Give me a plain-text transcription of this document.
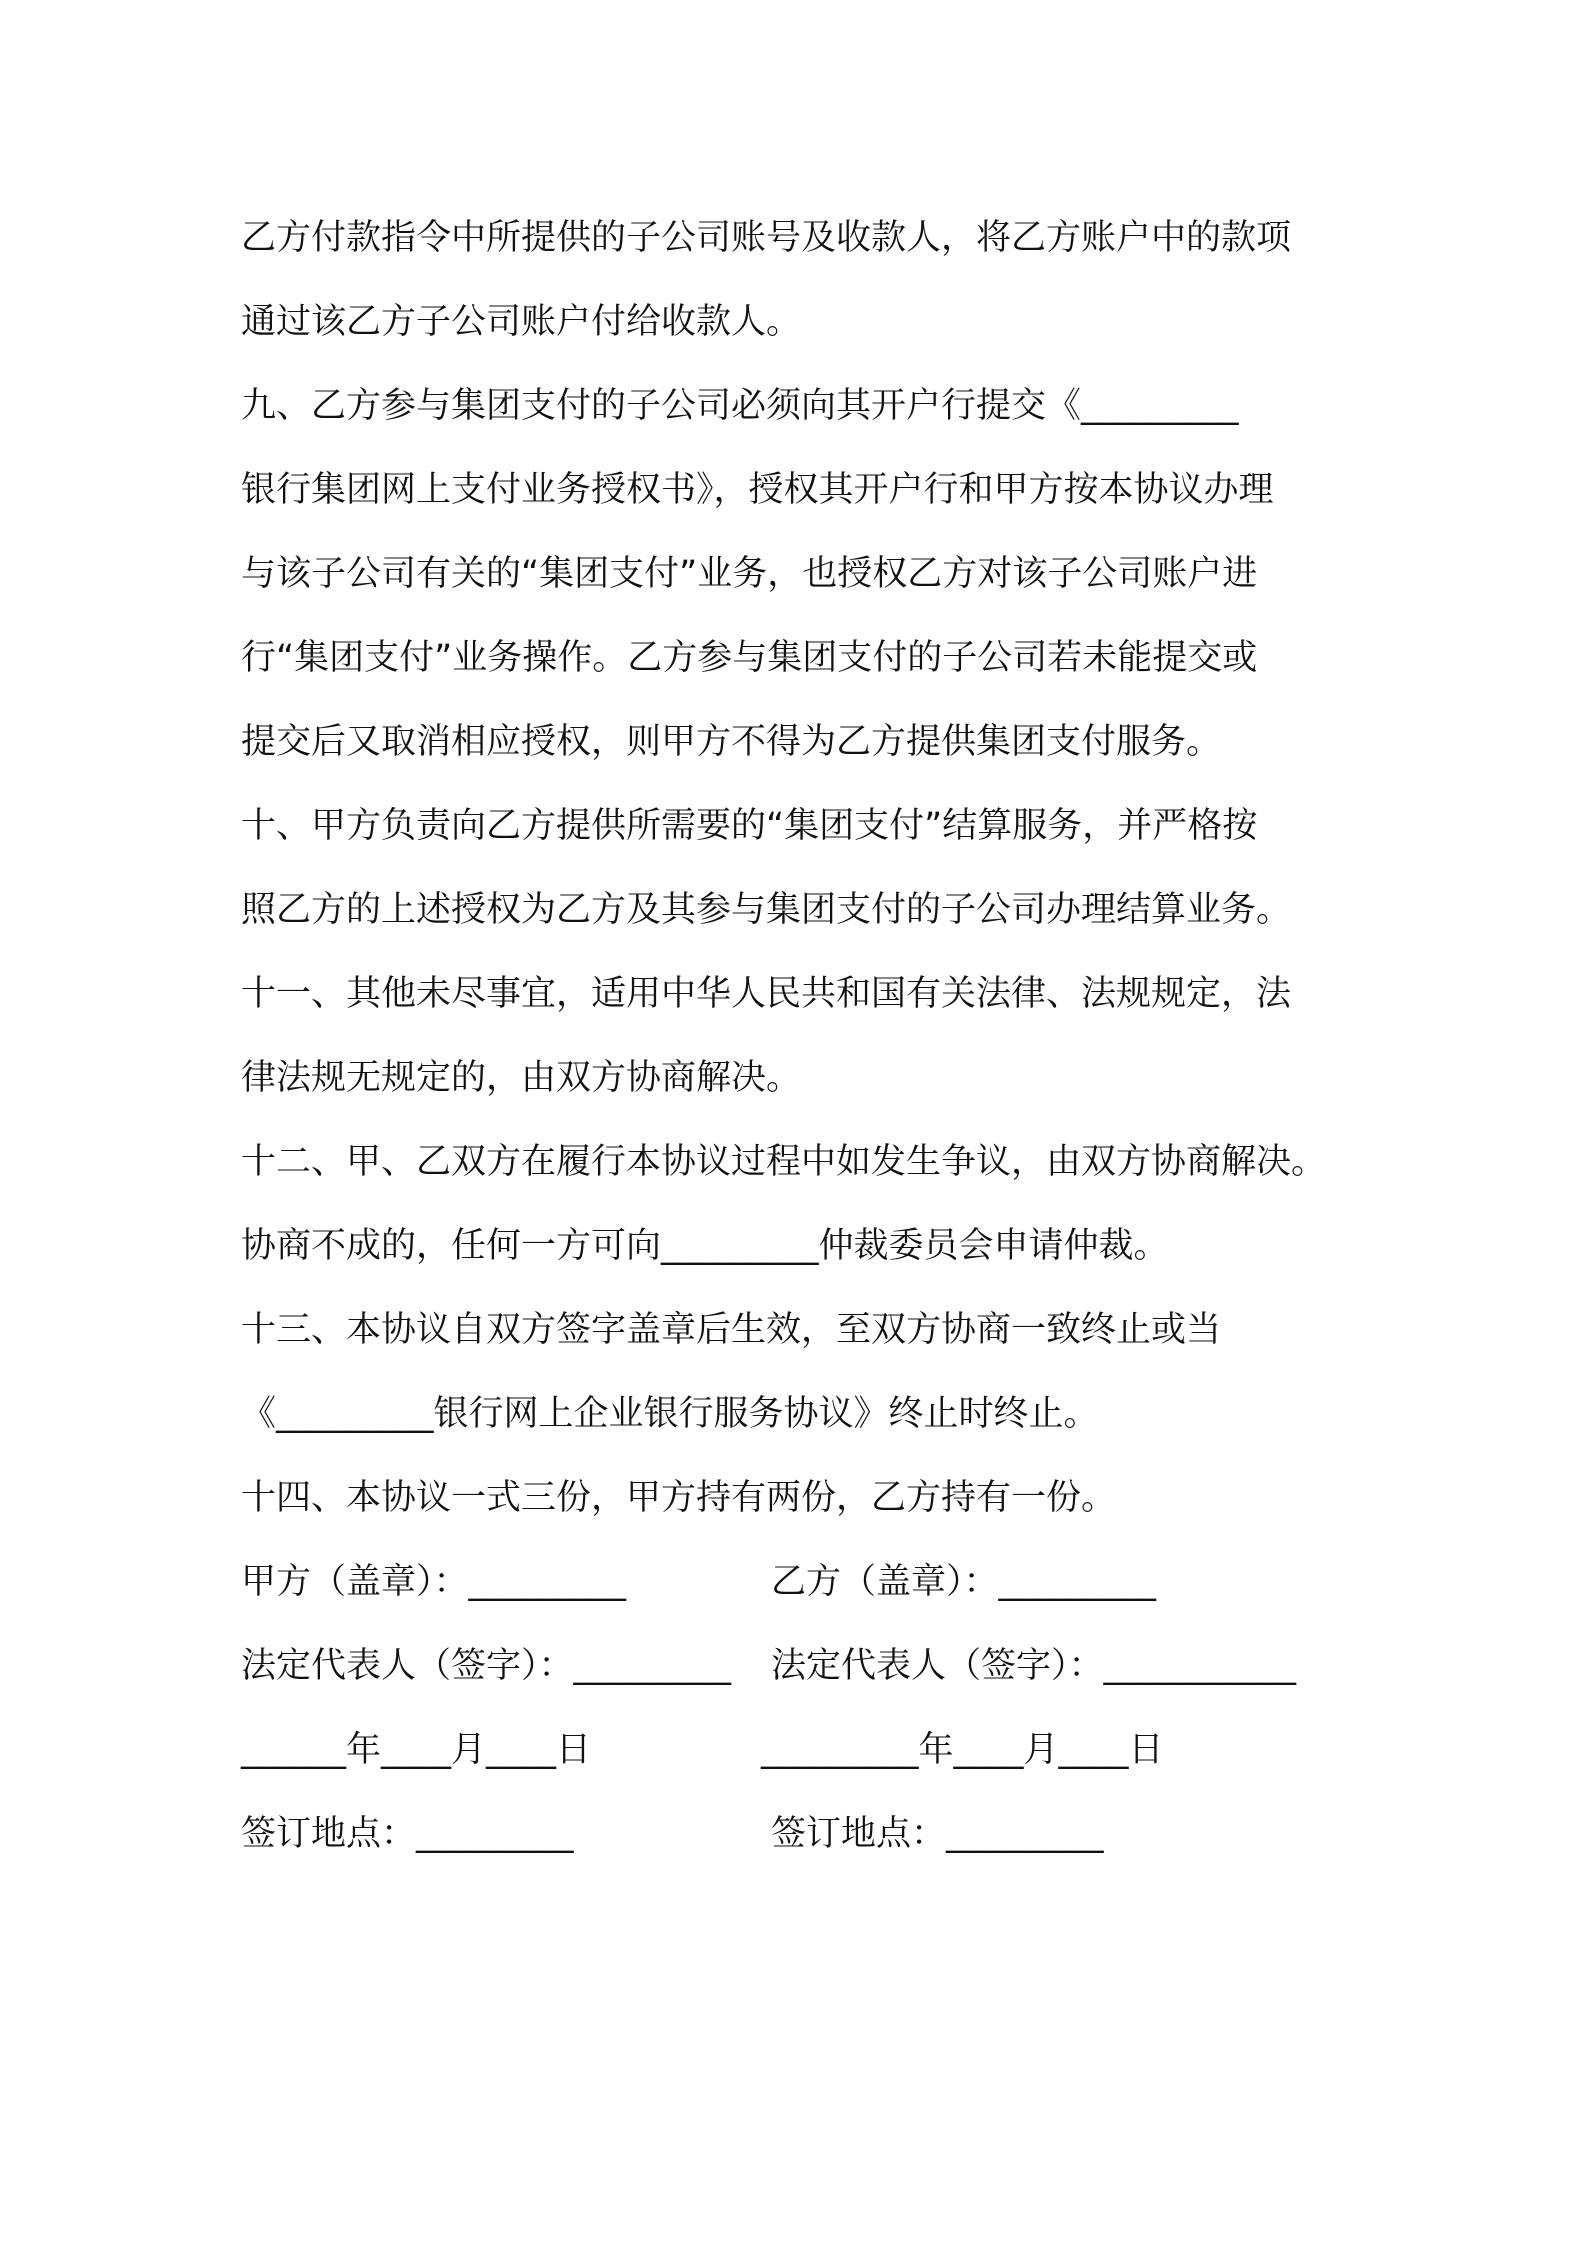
乙方付款指令中所提供的子公司账号及收款人，将乙方账户中的款项
通过该乙方子公司账户付给收款人。
九、乙方参与集团支付的子公司必须向其开户行提交《_________
银行集团网上支付业务授权书》，授权其开户行和甲方按本协议办理
与该子公司有关的“集团支付”业务，也授权乙方对该子公司账户进
行“集团支付”业务操作。乙方参与集团支付的子公司若未能提交或
提交后又取消相应授权，则甲方不得为乙方提供集团支付服务。
十、甲方负责向乙方提供所需要的“集团支付”结算服务，并严格按
照乙方的上述授权为乙方及其参与集团支付的子公司办理结算业务。
十一、其他未尽事宜，适用中华人民共和国有关法律、法规规定，法
律法规无规定的，由双方协商解决。
十二、甲、乙双方在履行本协议过程中如发生争议，由双方协商解决。
协商不成的，任何一方可向_________仲裁委员会申请仲裁。
十三、本协议自双方签字盖章后生效，至双方协商一致终止或当
《_________银行网上企业银行服务协议》终止时终止。
十四、本协议一式三份，甲方持有两份，乙方持有一份。

甲方（盖章）：_________

	乙方（盖章）：_________

法定代表人（签字）：_________

法定代表人（签字）：___________

______年____月____日

	_________年____月____日

签订地点：_________

	签订地点：_________
